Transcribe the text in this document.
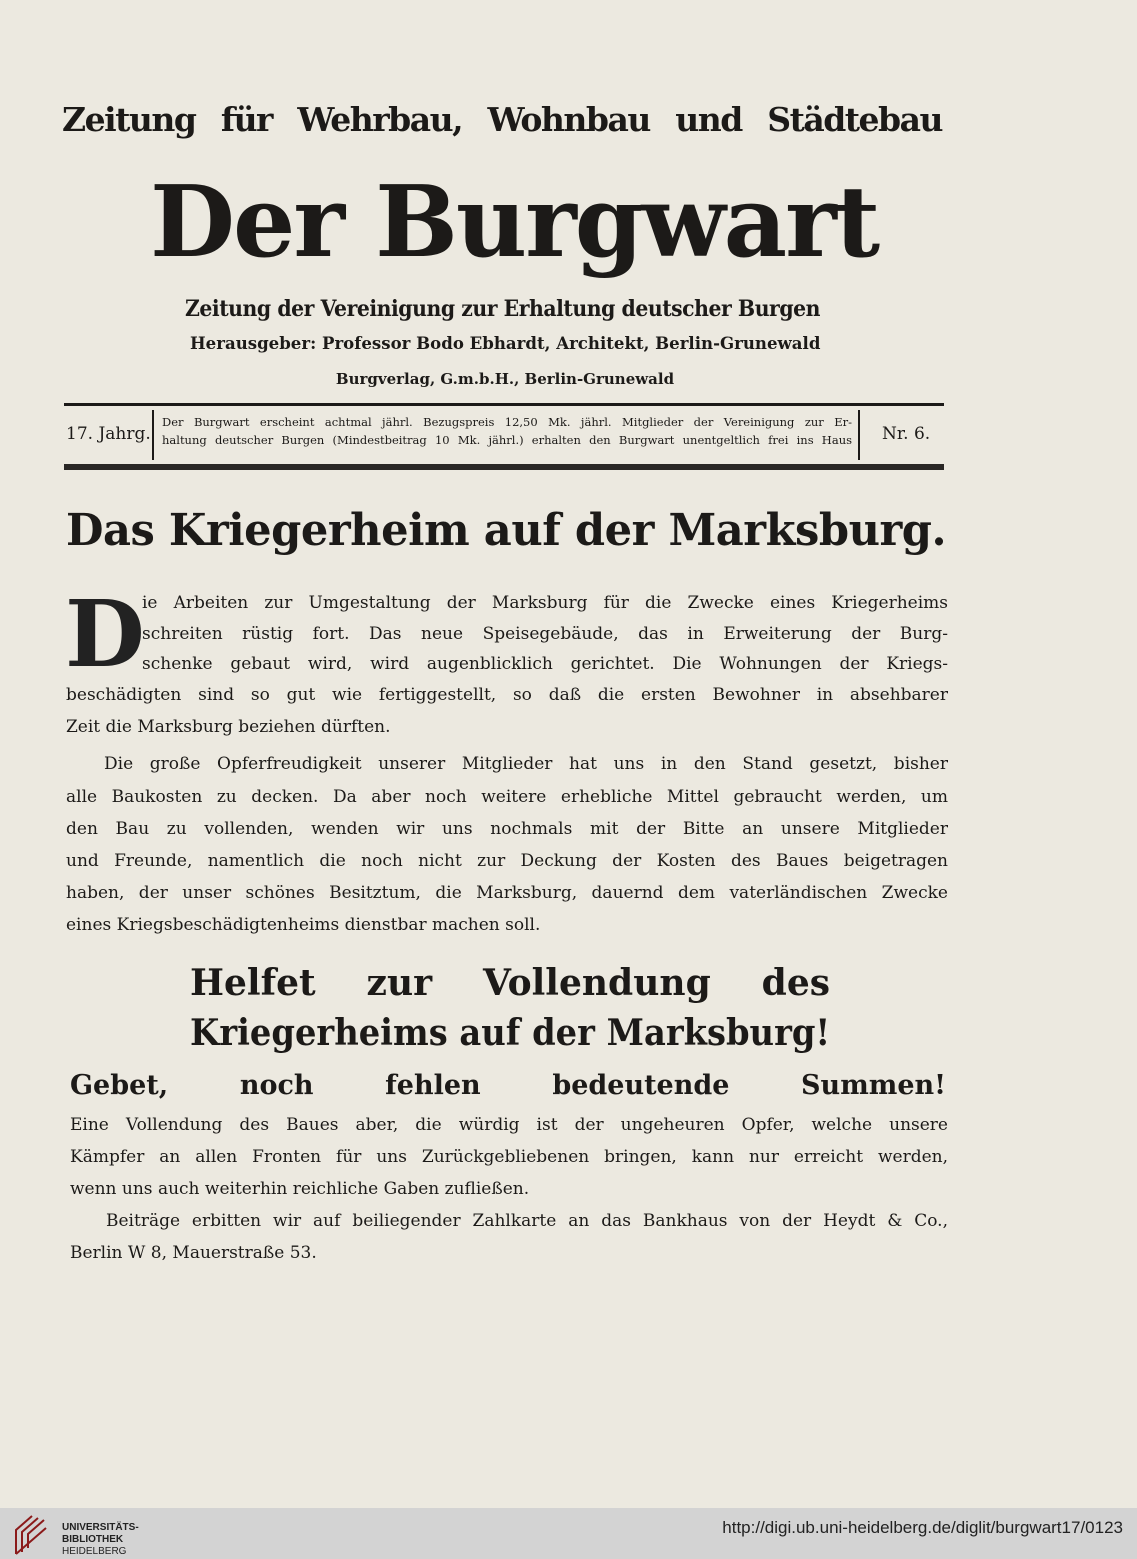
Zeitung für Wehrbau, Wohnbau und Städtebau
Der Burgwart
Zeitung der Vereinigung zur Erhaltung deutscher Burgen
Herausgeber: Professor Bodo Ebhardt, Architekt, Berlin-Grunewald
Burgverlag, G.m.b.H., Berlin-Grunewald
17. Jahrg.
Der Burgwart erscheint achtmal jährl. Bezugspreis 12,50 Mk. jährl. Mitglieder der Vereinigung zur Er-
haltung deutscher Burgen (Mindestbeitrag 10 Mk. jährl.) erhalten den Burgwart unentgeltlich frei ins Haus Nr. 6.
Das Kriegerheim auf der Marksburg.
D
ie Arbeiten zur Umgestaltung der Marksburg für die Zwecke eines Kriegerheims
schreiten rüstig fort. Das neue Speisegebäude, das in Erweiterung der Burg-
schenke gebaut wird, wird augenblicklich gerichtet. Die Wohnungen der Kriegs-
beschädigten sind so gut wie fertiggestellt, so daß die ersten Bewohner in absehbarer
Zeit die Marksburg beziehen dürften.
Die große Opferfreudigkeit unserer Mitglieder hat uns in den Stand gesetzt, bisher
alle Baukosten zu decken. Da aber noch weitere erhebliche Mittel gebraucht werden, um
den Bau zu vollenden, wenden wir uns nochmals mit der Bitte an unsere Mitglieder
und Freunde, namentlich die noch nicht zur Deckung der Kosten des Baues beigetragen
haben, der unser schönes Besitztum, die Marksburg, dauernd dem vaterländischen Zwecke
eines Kriegsbeschädigtenheims dienstbar machen soll.
Helfet zur Vollendung des
Kriegerheims auf der Marksburg!
Gebet, noch fehlen bedeutende Summen!
Eine Vollendung des Baues aber, die würdig ist der ungeheuren Opfer, welche unsere
Kämpfer an allen Fronten für uns Zurückgebliebenen bringen, kann nur erreicht werden,
wenn uns auch weiterhin reichliche Gaben zufließen.
Beiträge erbitten wir auf beiliegender Zahlkarte an das Bankhaus von der Heydt & Co.,
Berlin W 8, Mauerstraße 53.
UNIVERSITÄTS-
BIBLIOTHEK
HEIDELBERG
http://digi.ub.uni-heidelberg.de/diglit/burgwart17/0123
